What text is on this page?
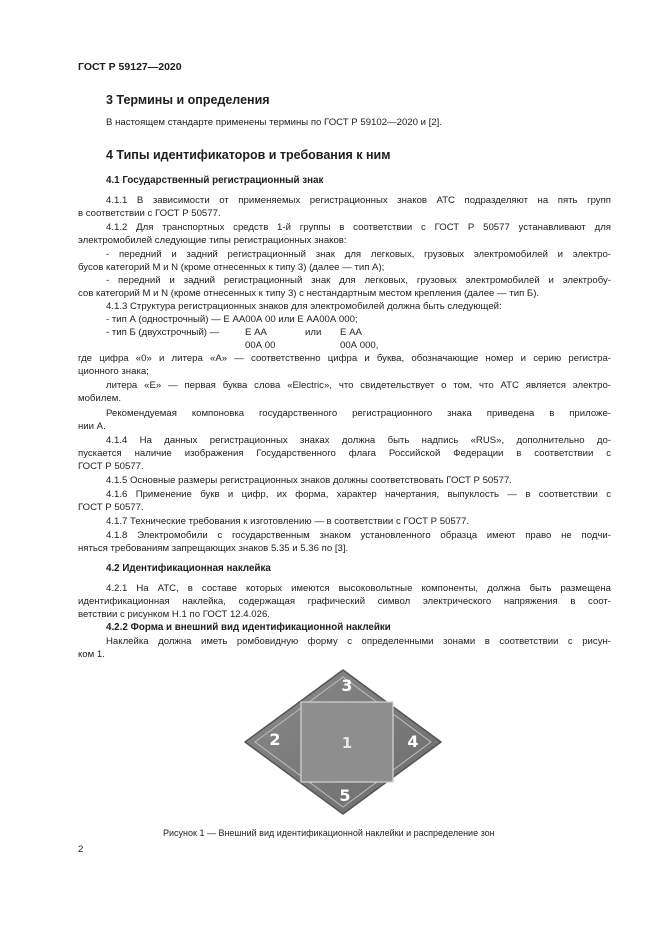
ГОСТ Р 59127—2020
3 Термины и определения
В настоящем стандарте применены термины по ГОСТ Р 59102—2020 и [2].
4 Типы идентификаторов и требования к ним
4.1 Государственный регистрационный знак
4.1.1 В зависимости от применяемых регистрационных знаков АТС подразделяют на пять групп
в соответствии с ГОСТ Р 50577.
4.1.2 Для транспортных средств 1-й группы в соответствии с ГОСТ Р 50577 устанавливают для
электромобилей следующие типы регистрационных знаков:
- передний и задний регистрационный знак для легковых, грузовых электромобилей и электро-
бусов категорий M и N (кроме отнесенных к типу 3) (далее — тип А);
- передний и задний регистрационный знак для легковых, грузовых электромобилей и электробу-
сов категорий M и N (кроме отнесенных к типу 3) с нестандартным местом крепления (далее — тип Б).
4.1.3 Структура регистрационных знаков для электромобилей должна быть следующей:
- тип А (однострочный) — Е АА00А 00 или Е АА00А 000;
- тип Б (двухстрочный) —	Е АА	или Е АА
00А 00	00А 000,
где цифра «0» и литера «А» — соответственно цифра и буква, обозначающие номер и серию регистра-
ционного знака;
литера «Е» — первая буква слова «Electric», что свидетельствует о том, что АТС является электро-
мобилем.
Рекомендуемая компоновка государственного регистрационного знака приведена в приложе-
нии А.
4.1.4 На данных регистрационных знаках должна быть надпись «RUS», дополнительно до-
пускается наличие изображения Государственного флага Российской Федерации в соответствии с
ГОСТ Р 50577.
4.1.5 Основные размеры регистрационных знаков должны соответствовать ГОСТ Р 50577.
4.1.6 Применение букв и цифр, их форма, характер начертания, выпуклость — в соответствии с
ГОСТ Р 50577.
4.1.7 Технические требования к изготовлению — в соответствии с ГОСТ Р 50577.
4.1.8 Электромобили с государственным знаком установленного образца имеют право не подчи-
няться требованиям запрещающих знаков 5.35 и 5.36 по [3].
4.2 Идентификационная наклейка
4.2.1 На АТС, в составе которых имеются высоковольтные компоненты, должна быть размещена
идентификационная наклейка, содержащая графический символ электрического напряжения в соот-
ветствии с рисунком Н.1 по ГОСТ 12.4.026.
4.2.2 Форма и внешний вид идентификационной наклейки
Наклейка должна иметь ромбовидную форму с определенными зонами в соответствии с рисун-
ком 1.
1
2
3
4
5
Рисунок 1 — Внешний вид идентификационной наклейки и распределение зон
2
